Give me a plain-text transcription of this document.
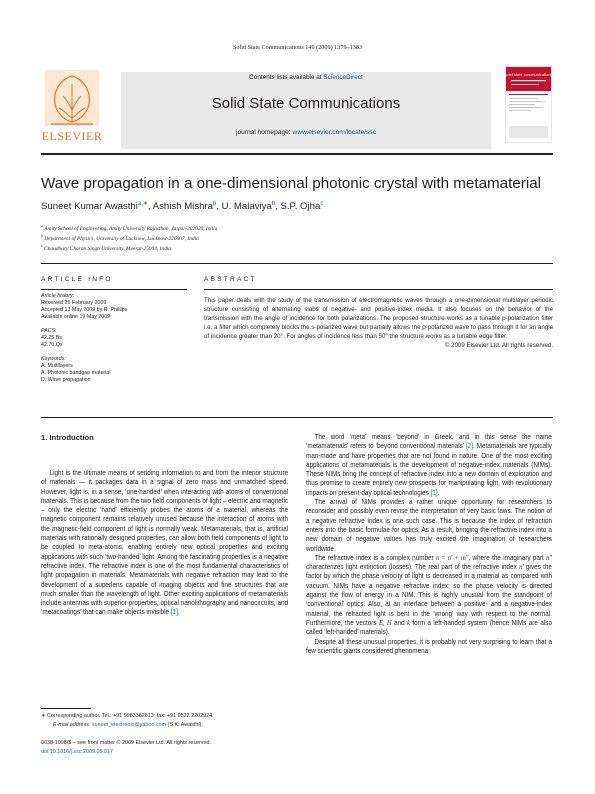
Solid State Communications 149 (2009) 1379–1383
ELSEVIER
Contents lists available at ScienceDirect
Solid State Communications
journal homepage: www.elsevier.com/locate/ssc
solid state communications
Wave propagation in a one-dimensional photonic crystal with metamaterial
Suneet Kumar Awasthi$^{a,∗}$, Ashish Mishra$^b$, U. Malaviya$^b$, S.P. Ojha$^c$
$^a$ Amity School of Engineering, Amity University Rajasthan, Jaipur-302020, India
$^b$ Department of Physics, University of Lucknow, Lucknow-226007, India
$^c$ Chaudhary Charan Singh University, Meerut-25004, India
ARTICLE INFO
Article history:
Received 26 February 2009
Accepted 13 May 2009 by R. Phillips
Available online 19 May 2009
PACS:
42.25.Bs
42.70.Qs
Keywords:
A. Multilayers
A. Photonic bandgap material
D. Wave propagation
ABSTRACT
This paper deals with the study of the transmission of electromagnetic waves through a one-dimensional multilayer periodic structure consisting of alternating slabs of negative- and positive-index media. It also focuses on the behavior of the transmission with the angle of incidence for both polarizations. The proposed structure works as a tunable p-polarization filter i.e. a filter which completely blocks the s-polarized wave but partially allows the p-polarized wave to pass through it for an angle of incidence greater than 20°. For angles of incidence less than 50° the structure works as a tunable edge filter.
© 2009 Elsevier Ltd. All rights reserved.
1. Introduction

Light is the ultimate means of sending information to and from the interior structure of materials — it packages data in a signal of zero mass and unmatched speed. However, light is, in a sense, ‘one-handed’ when interacting with atoms of conventional materials. This is because from the two field components of light – electric and magnetic – only the electric ‘hand’ efficiently probes the atoms of a material, whereas the magnetic component remains relatively unused because the interaction of atoms with the magnetic-field component of light is normally weak. Metamaterials, that is, artificial materials with rationally designed properties, can allow both field components of light to be coupled to meta-atoms, enabling entirely new optical properties and exciting applications with such ‘two-handed’ light. Among the fascinating properties is a negative refractive index. The refractive index is one of the most fundamental characteristics of light propagation in materials. Metamaterials with negative refraction may lead to the development of a superlens capable of imaging objects and fine structures that are much smaller than the wavelength of light. Other exciting applications of metamaterials include antennas with superior properties, optical nanolithography and nanocircuits, and ‘metacoatings’ that can make objects invisible [1].

The word ‘meta’ means ‘beyond’ in Greek, and in this sense the name ‘metamaterials’ refers to ‘beyond conventional materials’ [2]. Metamaterials are typically man-made and have properties that are not found in nature. One of the most exciting applications of metamaterials is the development of negative-index materials (NIMs). These NIMs bring the concept of refractive index into a new domain of exploration and thus promise to create entirely new prospects for manipulating light, with revolutionary impacts on present-day optical technologies [1].

The arrival of NIMs provides a rather unique opportunity for researchers to reconsider and possibly even revise the interpretation of very basic laws. The notion of a negative refractive index is one such case. This is because the index of refraction enters into the basic formulae for optics. As a result, bringing the refractive index into a new domain of negative values has truly excited the imagination of researchers worldwide.

The refractive index is a complex number n = n′ + in″, where the imaginary part n″ characterizes light extinction (losses). The real part of the refractive index n′ gives the factor by which the phase velocity of light is decreased in a material as compared with vacuum. NIMs have a negative refractive index; so the phase velocity is directed against the flow of energy in a NIM. This is highly unusual from the standpoint of ‘conventional’ optics. Also, at an interface between a positive- and a negative-index material, the refracted light is bent in the ‘wrong’ way with respect to the normal. Furthermore, the vectors E, H and k form a left-handed system (hence NIMs are also called ‘left-handed’ materials).

Despite all these unusual properties, it is probably not very surprising to learn that a few scientific giants considered phenomena

∗ Corresponding author. Tel.: +91 9983362813; fax: +91 0522 2202924.
E-mail address: suneet_electronic@yahoo.com (S.K. Awasthi).
0038-1098/$ – see front matter © 2009 Elsevier Ltd. All rights reserved.
doi:10.1016/j.ssc.2009.05.017
